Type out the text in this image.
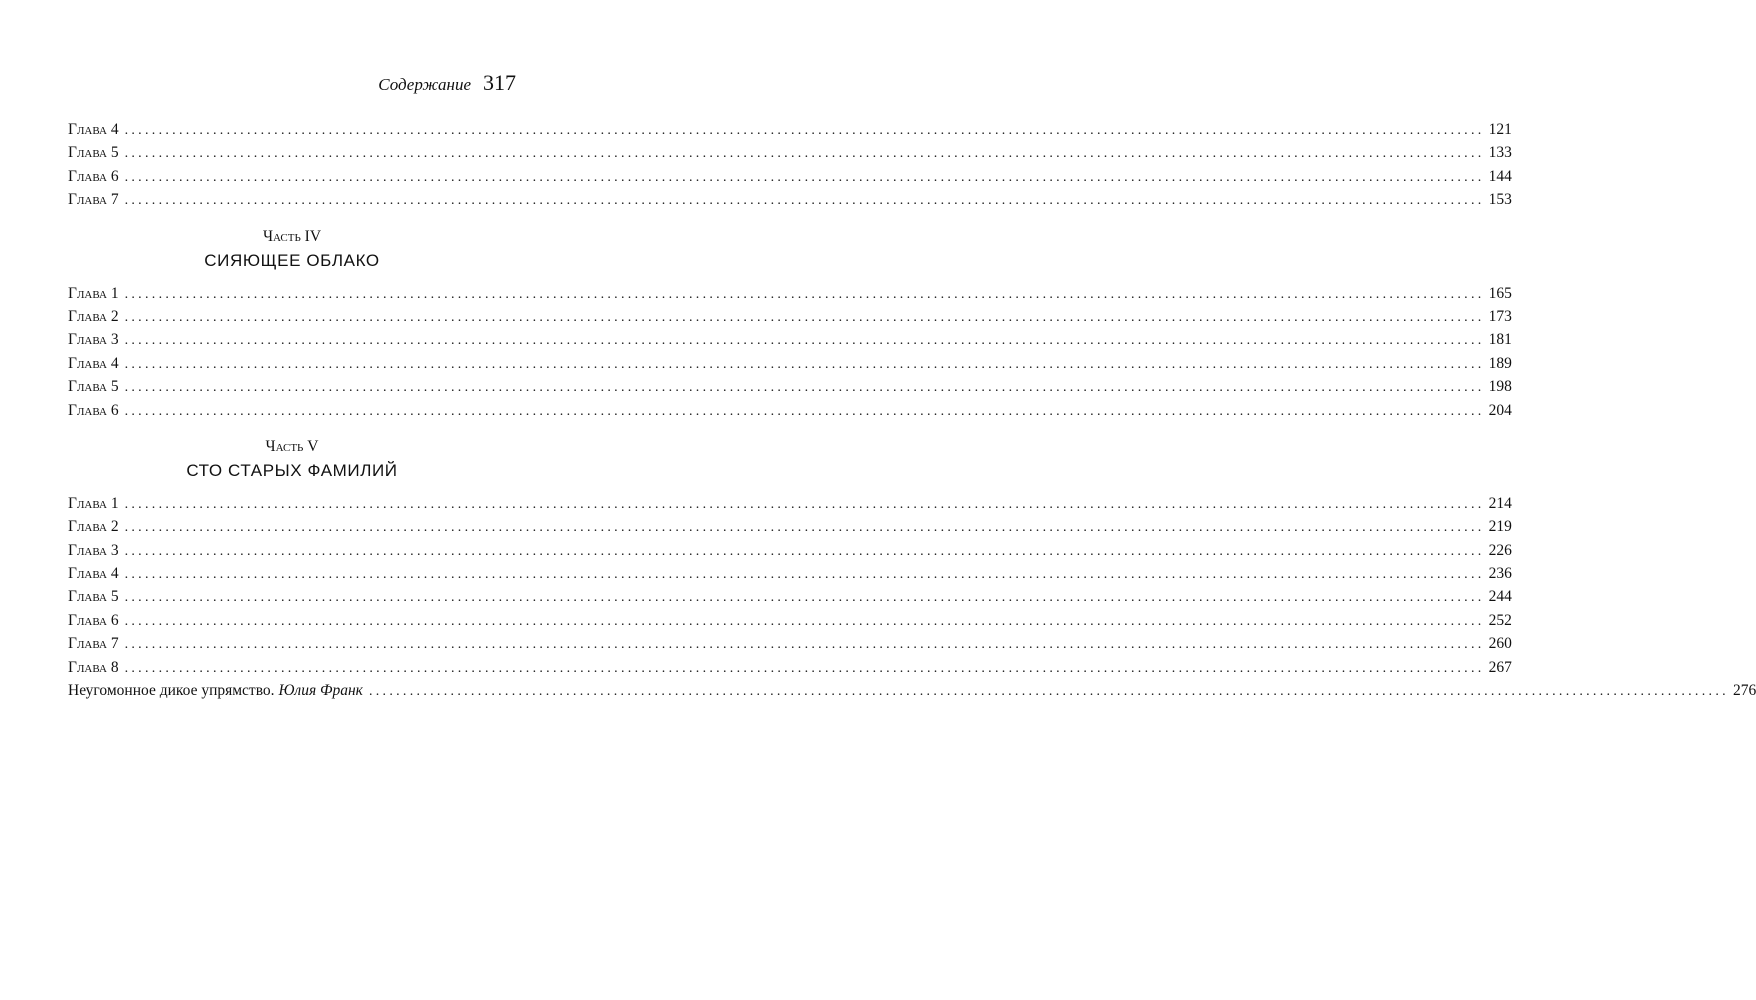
Содержание 317
Глава 4 ........................................................................................................................................................................................................ 121
Глава 5 ........................................................................................................................................................................................................ 133
Глава 6 ........................................................................................................................................................................................................ 144
Глава 7 ........................................................................................................................................................................................................ 153
Часть IV
СИЯЮЩЕЕ ОБЛАКО
Глава 1 ........................................................................................................................................................................................................ 165
Глава 2 ........................................................................................................................................................................................................ 173
Глава 3 ........................................................................................................................................................................................................ 181
Глава 4 ........................................................................................................................................................................................................ 189
Глава 5 ........................................................................................................................................................................................................ 198
Глава 6 ........................................................................................................................................................................................................ 204
Часть V
СТО СТАРЫХ ФАМИЛИЙ
Глава 1 ........................................................................................................................................................................................................ 214
Глава 2 ........................................................................................................................................................................................................ 219
Глава 3 ........................................................................................................................................................................................................ 226
Глава 4 ........................................................................................................................................................................................................ 236
Глава 5 ........................................................................................................................................................................................................ 244
Глава 6 ........................................................................................................................................................................................................ 252
Глава 7 ........................................................................................................................................................................................................ 260
Глава 8 ........................................................................................................................................................................................................ 267
Неугомонное дикое упрямство. Юлия Франк ........................................................................................................................................................................................................ 276
